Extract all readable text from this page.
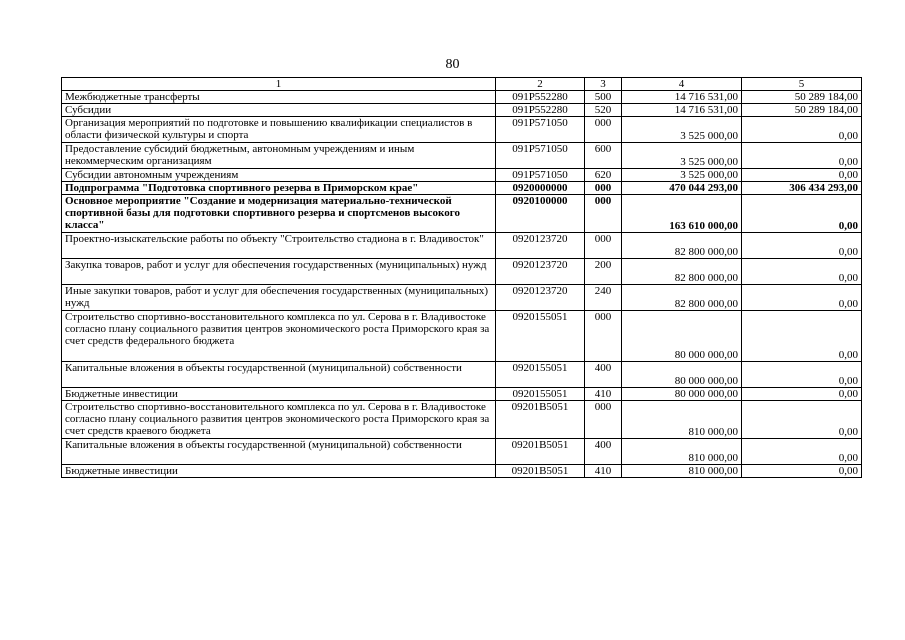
80
1	2	3	4	5
Межбюджетные трансферты	091P552280	500	14 716 531,00	50 289 184,00
Субсидии	091P552280	520	14 716 531,00	50 289 184,00
Организация мероприятий по подготовке и повышению квалификации специалистов в области физической культуры и спорта	091P571050	000	3 525 000,00	0,00
Предоставление субсидий бюджетным, автономным учреждениям и иным некоммерческим организациям	091P571050	600	3 525 000,00	0,00
Субсидии автономным учреждениям	091P571050	620	3 525 000,00	0,00
Подпрограмма "Подготовка спортивного резерва в Приморском крае"	0920000000	000	470 044 293,00	306 434 293,00
Основное мероприятие "Создание и модернизация материально-технической спортивной базы для подготовки спортивного резерва и спортсменов высокого класса"	0920100000	000	163 610 000,00	0,00
Проектно-изыскательские работы по объекту "Строительство стадиона в г. Владивосток"	0920123720	000	82 800 000,00	0,00
Закупка товаров, работ и услуг для обеспечения государственных (муниципальных) нужд	0920123720	200	82 800 000,00	0,00
Иные закупки товаров, работ и услуг для обеспечения государственных (муниципальных) нужд	0920123720	240	82 800 000,00	0,00
Строительство спортивно-восстановительного комплекса по ул. Серова в г. Владивостоке согласно плану социального развития центров экономического роста Приморского края за счет средств федерального бюджета	0920155051	000	80 000 000,00	0,00
Капитальные вложения в объекты государственной (муниципальной) собственности	0920155051	400	80 000 000,00	0,00
Бюджетные инвестиции	0920155051	410	80 000 000,00	0,00
Строительство спортивно-восстановительного комплекса по ул. Серова в г. Владивостоке согласно плану социального развития центров экономического роста Приморского края за счет средств краевого бюджета	09201B5051	000	810 000,00	0,00
Капитальные вложения в объекты государственной (муниципальной) собственности	09201B5051	400	810 000,00	0,00
Бюджетные инвестиции	09201B5051	410	810 000,00	0,00
